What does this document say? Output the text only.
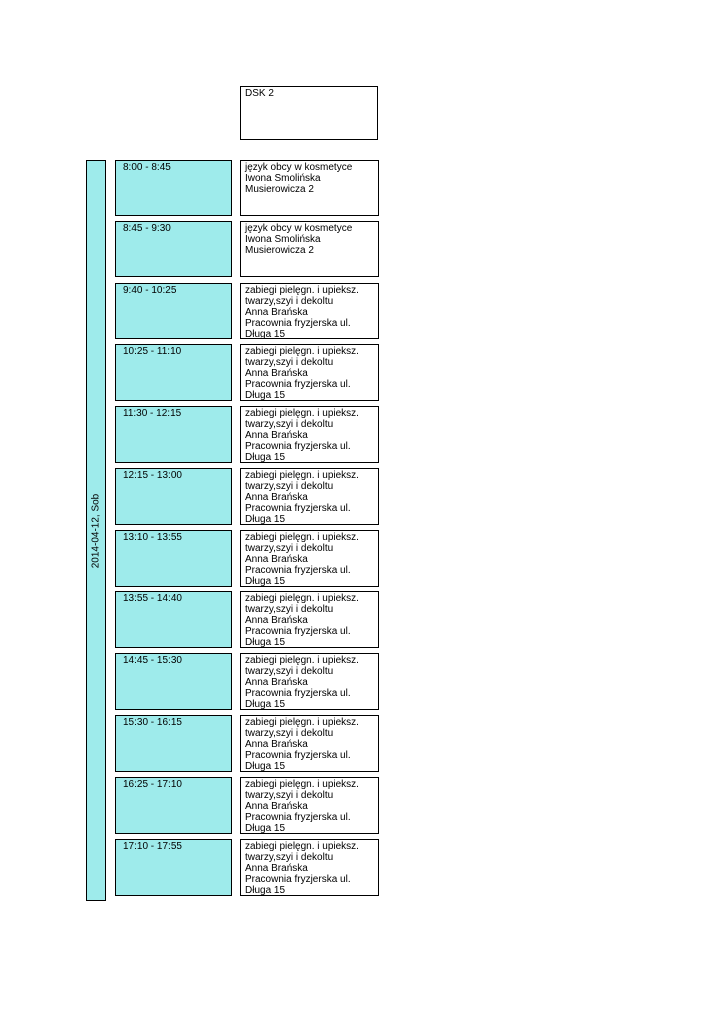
DSK 2
2014-04-12, Sob
8:00 - 8:45	język obcy w kosmetyce
Iwona Smolińska
Musierowicza 2
8:45 - 9:30	język obcy w kosmetyce
Iwona Smolińska
Musierowicza 2
9:40 - 10:25	zabiegi pielęgn. i upieksz.
twarzy,szyi i dekoltu
Anna Brańska
Pracownia fryzjerska ul.
Długa 15
10:25 - 11:10	zabiegi pielęgn. i upieksz.
twarzy,szyi i dekoltu
Anna Brańska
Pracownia fryzjerska ul.
Długa 15
11:30 - 12:15	zabiegi pielęgn. i upieksz.
twarzy,szyi i dekoltu
Anna Brańska
Pracownia fryzjerska ul.
Długa 15
12:15 - 13:00	zabiegi pielęgn. i upieksz.
twarzy,szyi i dekoltu
Anna Brańska
Pracownia fryzjerska ul.
Długa 15
13:10 - 13:55	zabiegi pielęgn. i upieksz.
twarzy,szyi i dekoltu
Anna Brańska
Pracownia fryzjerska ul.
Długa 15
13:55 - 14:40	zabiegi pielęgn. i upieksz.
twarzy,szyi i dekoltu
Anna Brańska
Pracownia fryzjerska ul.
Długa 15
14:45 - 15:30	zabiegi pielęgn. i upieksz.
twarzy,szyi i dekoltu
Anna Brańska
Pracownia fryzjerska ul.
Długa 15
15:30 - 16:15	zabiegi pielęgn. i upieksz.
twarzy,szyi i dekoltu
Anna Brańska
Pracownia fryzjerska ul.
Długa 15
16:25 - 17:10	zabiegi pielęgn. i upieksz.
twarzy,szyi i dekoltu
Anna Brańska
Pracownia fryzjerska ul.
Długa 15
17:10 - 17:55	zabiegi pielęgn. i upieksz.
twarzy,szyi i dekoltu
Anna Brańska
Pracownia fryzjerska ul.
Długa 15
